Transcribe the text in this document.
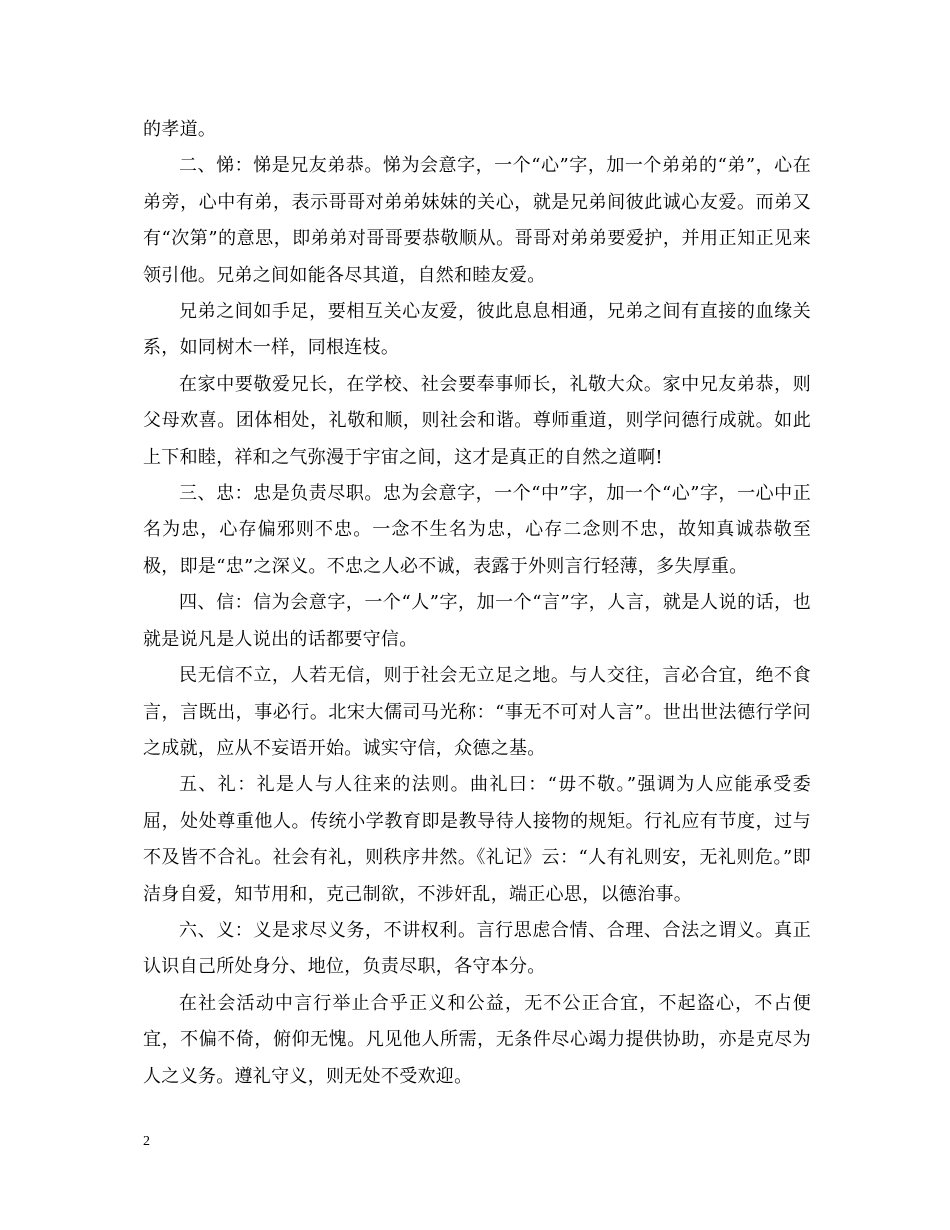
的孝道。

二、悌：悌是兄友弟恭。悌为会意字，一个“心”字，加一个弟弟的“弟”，心在弟旁，心中有弟，表示哥哥对弟弟妹妹的关心，就是兄弟间彼此诚心友爱。而弟又有“次第”的意思，即弟弟对哥哥要恭敬顺从。哥哥对弟弟要爱护，并用正知正见来领引他。兄弟之间如能各尽其道，自然和睦友爱。

兄弟之间如手足，要相互关心友爱，彼此息息相通，兄弟之间有直接的血缘关系，如同树木一样，同根连枝。

在家中要敬爱兄长，在学校、社会要奉事师长，礼敬大众。家中兄友弟恭，则父母欢喜。团体相处，礼敬和顺，则社会和谐。尊师重道，则学问德行成就。如此上下和睦，祥和之气弥漫于宇宙之间，这才是真正的自然之道啊!

三、忠：忠是负责尽职。忠为会意字，一个“中”字，加一个“心”字，一心中正名为忠，心存偏邪则不忠。一念不生名为忠，心存二念则不忠，故知真诚恭敬至极，即是“忠”之深义。不忠之人必不诚，表露于外则言行轻薄，多失厚重。

四、信：信为会意字，一个“人”字，加一个“言”字，人言，就是人说的话，也就是说凡是人说出的话都要守信。

民无信不立，人若无信，则于社会无立足之地。与人交往，言必合宜，绝不食言，言既出，事必行。北宋大儒司马光称：“事无不可对人言”。世出世法德行学问之成就，应从不妄语开始。诚实守信，众德之基。

五、礼：礼是人与人往来的法则。曲礼曰：“毋不敬。”强调为人应能承受委屈，处处尊重他人。传统小学教育即是教导待人接物的规矩。行礼应有节度，过与不及皆不合礼。社会有礼，则秩序井然。《礼记》云：“人有礼则安，无礼则危。”即洁身自爱，知节用和，克己制欲，不涉奸乱，端正心思，以德治事。

六、义：义是求尽义务，不讲权利。言行思虑合情、合理、合法之谓义。真正认识自己所处身分、地位，负责尽职，各守本分。

在社会活动中言行举止合乎正义和公益，无不公正合宜，不起盗心，不占便宜，不偏不倚，俯仰无愧。凡见他人所需，无条件尽心竭力提供协助，亦是克尽为人之义务。遵礼守义，则无处不受欢迎。

2
